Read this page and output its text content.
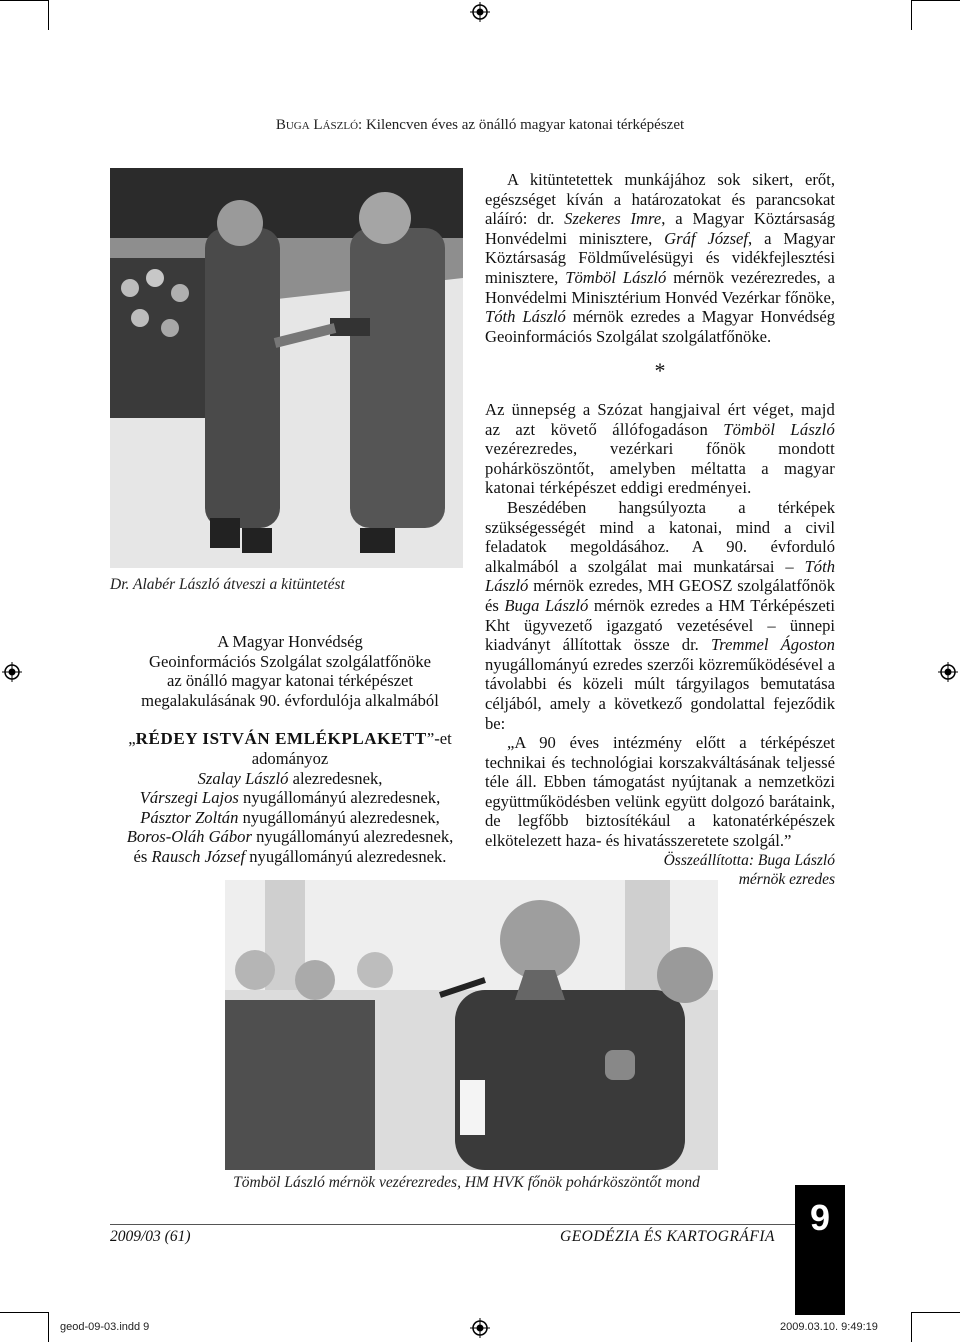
Buga László: Kilencven éves az önálló magyar katonai térképészet
Dr. Alabér László átveszi a kitüntetést
A Magyar Honvédség
Geoinformációs Szolgálat szolgálatfőnöke
az önálló magyar katonai térképészet
megalakulásának 90. évfordulója alkalmából
„RÉDEY ISTVÁN EMLÉKPLAKETT”-et
adományoz
Szalay László alezredesnek,
Várszegi Lajos nyugállományú alezredesnek,
Pásztor Zoltán nyugállományú alezredesnek,
Boros-Oláh Gábor nyugállományú alezredesnek,
és Rausch József nyugállományú alezredesnek.

A kitüntetettek munkájához sok sikert, erőt, egészséget kíván a határozatokat és parancsokat aláíró: dr. Szekeres Imre, a Magyar Köztársaság Honvédelmi minisztere, Gráf József, a Magyar Köztársaság Földművelésügyi és vidékfejlesztési minisztere, Tömböl László mérnök vezérezredes, a Honvédelmi Minisztérium Honvéd Vezérkar főnöke, Tóth László mérnök ezredes a Magyar Honvédség Geoinformációs Szolgálat szolgálatfőnöke.

*

Az ünnepség a Szózat hangjaival ért véget, majd az azt követő állófogadáson Tömböl László vezérezredes, vezérkari főnök mondott pohárköszöntőt, amelyben méltatta a magyar katonai térképészet eddigi eredményei.

Beszédében hangsúlyozta a térképek szükségességét mind a katonai, mind a civil feladatok megoldásához. A 90. évforduló alkalmából a szolgálat mai munkatársai – Tóth László mérnök ezredes, MH GEOSZ szolgálatfőnök és Buga László mérnök ezredes a HM Térképészeti Kht ügyvezető igazgató vezetésével – ünnepi kiadványt állítottak össze dr. Tremmel Ágoston nyugállományú ezredes szerzői közreműködésével a távolabbi és közeli múlt tárgyilagos bemutatása céljából, amely a következő gondolattal fejeződik be:

„A 90 éves intézmény előtt a térképészet technikai és technológiai korszakváltásának teljessé téle áll. Ebben támogatást nyújtanak a nemzetközi együttműködésben velünk együtt dolgozó barátaink, de legfőbb biztosítékául a katonatérképészek elkötelezett haza- és hivatásszeretete szolgál.”

Összeállította: Buga László

mérnök ezredes

Tömböl László mérnök vezérezredes, HM HVK főnök pohárköszöntőt mond
2009/03 (61)	GEODÉZIA ÉS KARTOGRÁFIA 9
geod-09-03.indd 9	2009.03.10. 9:49:19
